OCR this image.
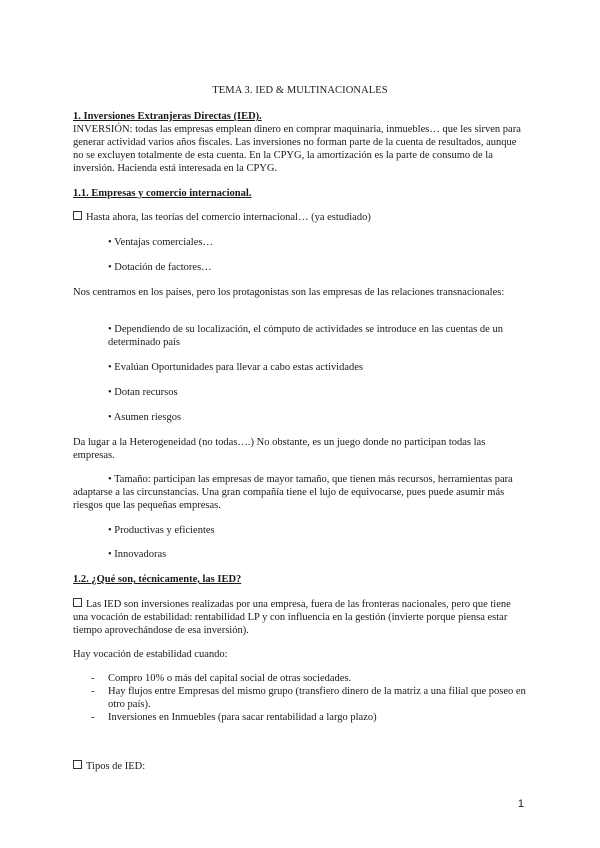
TEMA 3. IED & MULTINACIONALES
1. Inversiones Extranjeras Directas (IED).

INVERSIÓN: todas las empresas emplean dinero en comprar maquinaria, inmuebles… que les sirven para generar actividad varios años fiscales. Las inversiones no forman parte de la cuenta de resultados, aunque no se excluyen totalmente de esta cuenta. En la CPYG, la amortización es la parte de consumo de la inversión. Hacienda está interesada en la CPYG.

1.1. Empresas y comercio internacional.
Hasta ahora, las teorías del comercio internacional… (ya estudiado)
• Ventajas comerciales…
• Dotación de factores…

Nos centramos en los países, pero los protagonistas son las empresas de las relaciones transnacionales:

• Dependiendo de su localización, el cómputo de actividades se introduce en las cuentas de un determinado país

• Evalúan Oportunidades para llevar a cabo estas actividades
• Dotan recursos
• Asumen riesgos

Da lugar a la Heterogeneidad (no todas….) No obstante, es un juego donde no participan todas las empresas.

• Tamaño: participan las empresas de mayor tamaño, que tienen más recursos, herramientas para adaptarse a las circunstancias. Una gran compañía tiene el lujo de equivocarse, pues puede asumir más riesgos que las pequeñas empresas.

• Productivas y eficientes
• Innovadoras
1.2. ¿Qué son, técnicamente, las IED?

Las IED son inversiones realizadas por una empresa, fuera de las fronteras nacionales, pero que tiene una vocación de estabilidad: rentabilidad LP y con influencia en la gestión (invierte porque piensa estar tiempo aprovechándose de esa inversión).

Hay vocación de estabilidad cuando:
- Compro 10% o más del capital social de otras sociedades.
- Hay flujos entre Empresas del mismo grupo (transfiero dinero de la matriz a una filial que poseo en otro país).
- Inversiones en Inmuebles (para sacar rentabilidad a largo plazo)
Tipos de IED:
1
